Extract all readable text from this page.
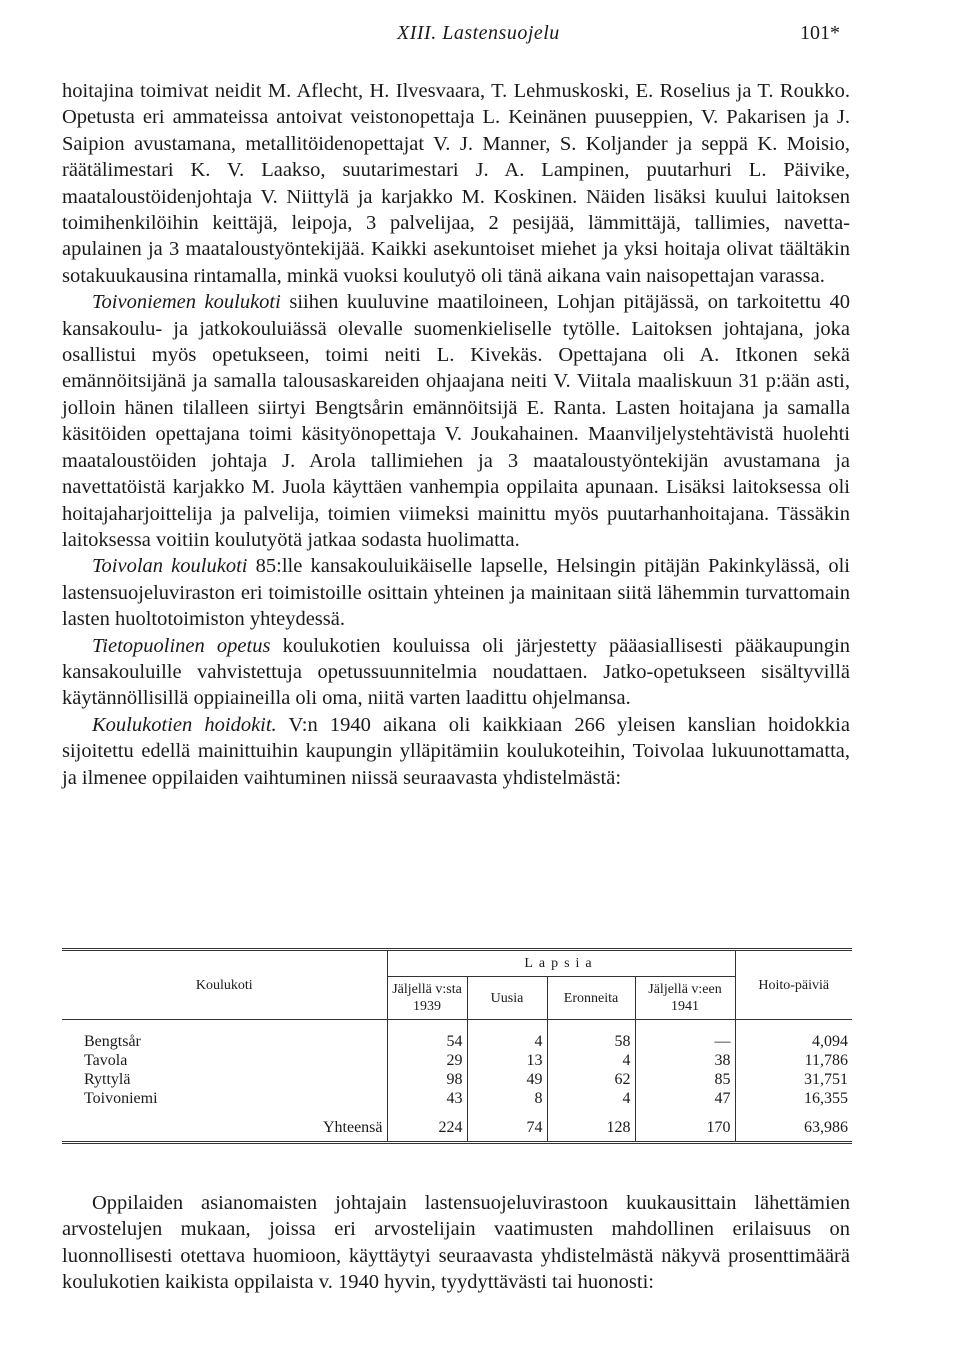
XIII. Lastensuojelu	101*

hoitajina toimivat neidit M. Aflecht, H. Ilvesvaara, T. Lehmuskoski, E. Roselius ja T. Roukko. Opetusta eri ammateissa antoivat veistonopettaja L. Keinänen puuseppien, V. Pakarisen ja J. Saipion avustamana, metallitöidenopettajat V. J. Manner, S. Koljander ja seppä K. Moisio, räätälimestari K. V. Laakso, suutarimestari J. A. Lampinen, puutarhuri L. Päivike, maataloustöidenjohtaja V. Niittylä ja karjakko M. Koskinen. Näiden lisäksi kuului laitoksen toimihenkilöihin keittäjä, leipoja, 3 palvelijaa, 2 pesijää, lämmittäjä, tallimies, navetta-apulainen ja 3 maataloustyöntekijää. Kaikki asekuntoiset miehet ja yksi hoitaja olivat täältäkin sotakuukausina rintamalla, minkä vuoksi koulutyö oli tänä aikana vain naisopettajan varassa.

Toivoniemen koulukoti siihen kuuluvine maatiloineen, Lohjan pitäjässä, on tarkoitettu 40 kansakoulu- ja jatkokouluiässä olevalle suomenkieliselle tytölle. Laitoksen johtajana, joka osallistui myös opetukseen, toimi neiti L. Kivekäs. Opettajana oli A. Itkonen sekä emännöitsijänä ja samalla talousaskareiden ohjaajana neiti V. Viitala maaliskuun 31 p:ään asti, jolloin hänen tilalleen siirtyi Bengtsårin emännöitsijä E. Ranta. Lasten hoitajana ja samalla käsitöiden opettajana toimi käsityönopettaja V. Joukahainen. Maanviljelystehtävistä huolehti maataloustöiden johtaja J. Arola tallimiehen ja 3 maataloustyöntekijän avustamana ja navettatöistä karjakko M. Juola käyttäen vanhempia oppilaita apunaan. Lisäksi laitoksessa oli hoitajaharjoittelija ja palvelija, toimien viimeksi mainittu myös puutarhanhoitajana. Tässäkin laitoksessa voitiin koulutyötä jatkaa sodasta huolimatta.

Toivolan koulukoti 85:lle kansakouluikäiselle lapselle, Helsingin pitäjän Pakinkylässä, oli lastensuojeluviraston eri toimistoille osittain yhteinen ja mainitaan siitä lähemmin turvattomain lasten huoltotoimiston yhteydessä.

Tietopuolinen opetus koulukotien kouluissa oli järjestetty pääasiallisesti pääkaupungin kansakouluille vahvistettuja opetussuunnitelmia noudattaen. Jatko-opetukseen sisältyvillä käytännöllisillä oppiaineilla oli oma, niitä varten laadittu ohjelmansa.

Koulukotien hoidokit. V:n 1940 aikana oli kaikkiaan 266 yleisen kanslian hoidokkia sijoitettu edellä mainittuihin kaupungin ylläpitämiin koulukoteihin, Toivolaa lukuunottamatta, ja ilmenee oppilaiden vaihtuminen niissä seuraavasta yhdistelmästä:

Koulukoti	Lapsia				Hoito-päiviä
	Jäljellä v:sta 1939	Uusia	Eronneita	Jäljellä v:een 1941	
Bengtsår	54	4	58	—	4,094
Tavola	29	13	4	38	11,786
Ryttylä	98	49	62	85	31,751
Toivoniemi	43	8	4	47	16,355
Yhteensä	224	74	128	170	63,986

Oppilaiden asianomaisten johtajain lastensuojeluvirastoon kuukausittain lähettämien arvostelujen mukaan, joissa eri arvostelijain vaatimusten mahdollinen erilaisuus on luonnollisesti otettava huomioon, käyttäytyi seuraavasta yhdistelmästä näkyvä prosenttimäärä koulukotien kaikista oppilaista v. 1940 hyvin, tyydyttävästi tai huonosti:
